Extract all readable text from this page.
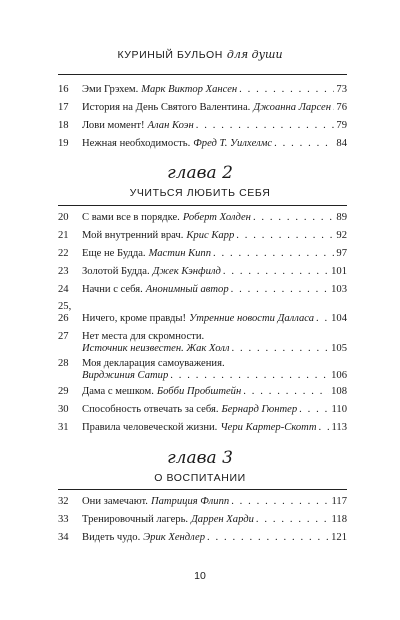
КУРИНЫЙ БУЛЬОН для души
16	Эми Грэхем. Марк Виктор Хансен . . .	73
17	История на День Святого Валентина. Джоанна Ларсен . . . 76
18	Лови момент! Алан Коэн . . .	79
19	Нежная необходимость. Фред Т. Уилхелмс . . .	84
глава 2
УЧИТЬСЯ ЛЮБИТЬ СЕБЯ
20	С вами все в порядке. Роберт Холден . . .	89
21	Мой внутренний врач. Крис Карр . . .	92
22	Еще не Будда. Мастин Кипп . . .	97
23	Золотой Будда. Джек Кэнфилд . . .	101
24	Начни с себя. Анонимный автор . . .	103
25,
26	Ничего, кроме правды! Утренние новости Далласа . . . 104
27	Нет места для скромности.
Источник неизвестен. Жак Холл . . .	105
28	Моя декларация самоуважения.
Вирджиния Сатир . . .	106
29	Дама с мешком. Бобби Пробштейн . . .	108
30	Способность отвечать за себя. Бернард Гюнтер . . .	110
31	Правила человеческой жизни. Чери Картер-Скотт . . . 113
глава 3
О ВОСПИТАНИИ
32	Они замечают. Патриция Флипп . . .	117
33	Тренировочный лагерь. Даррен Харди . . .	118
34	Видеть чудо. Эрик Хендлер . . .	121
10
